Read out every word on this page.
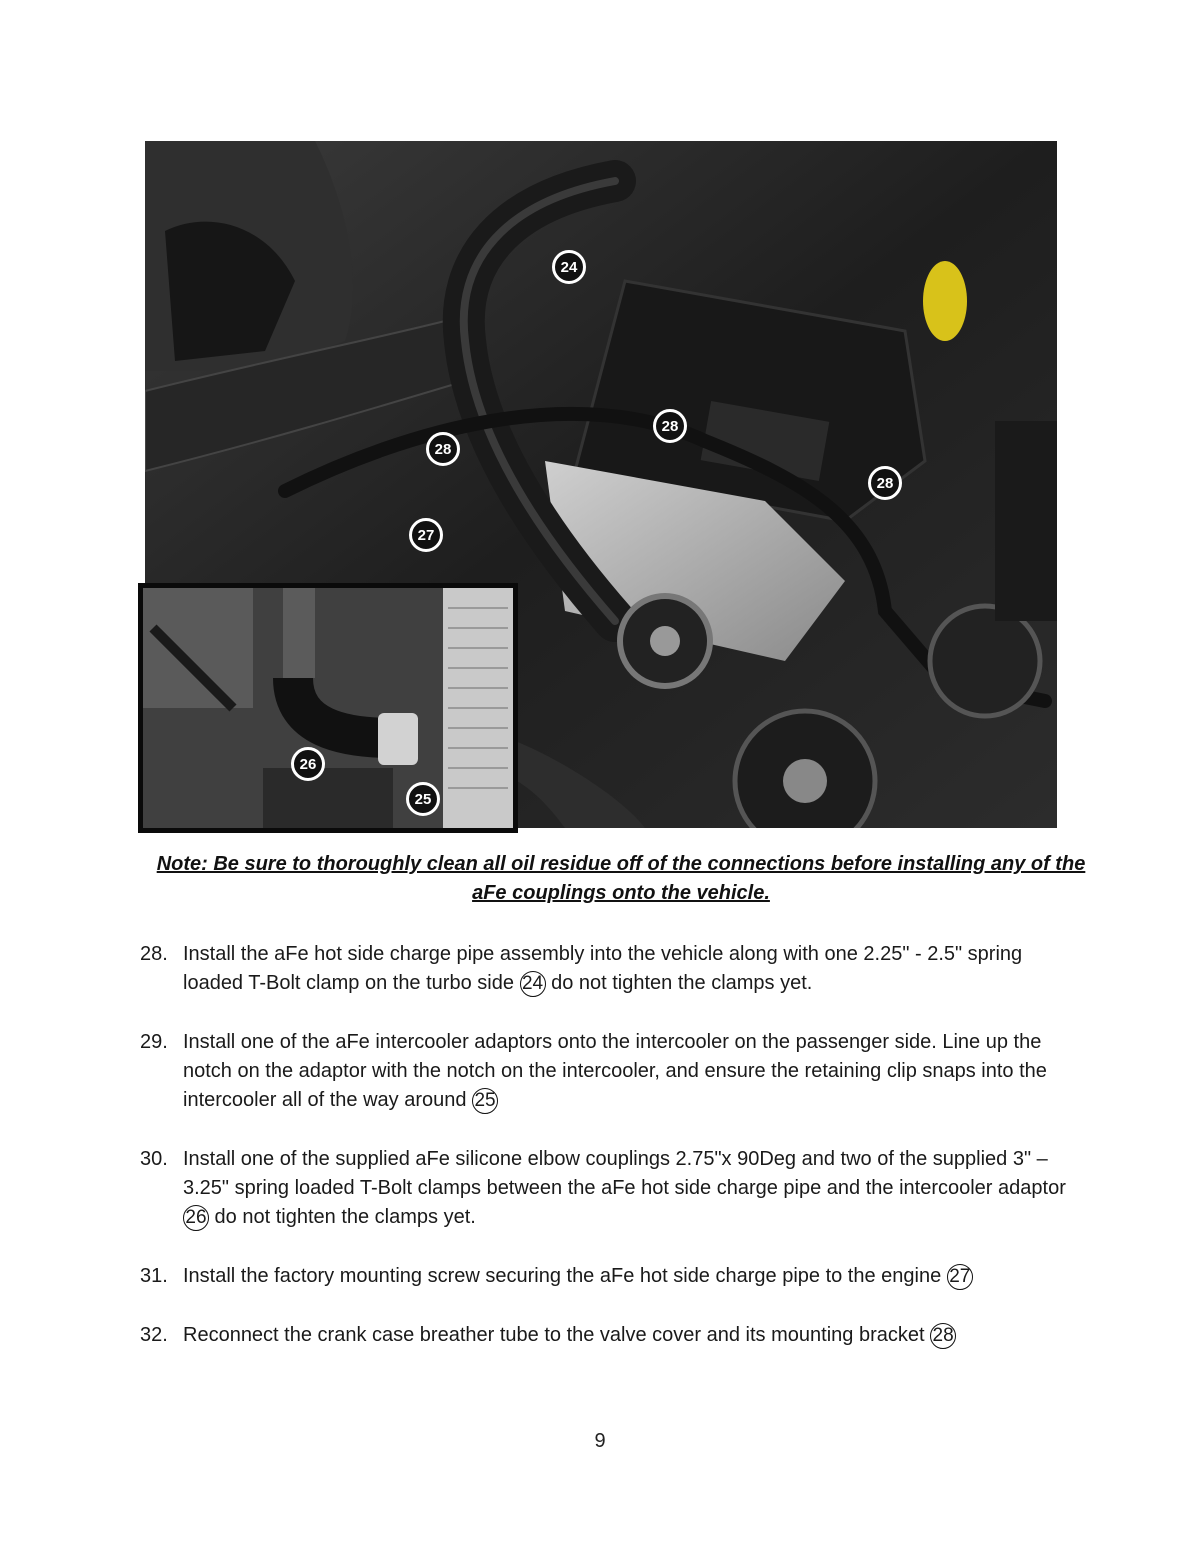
24
28
28
28
27
26
25
Note: Be sure to thoroughly clean all oil residue off of the connections before installing any of the aFe couplings onto the vehicle.
28. Install the aFe hot side charge pipe assembly into the vehicle along with one 2.25" - 2.5" spring loaded T-Bolt clamp on the turbo side 24 do not tighten the clamps yet.
29. Install one of the aFe intercooler adaptors onto the intercooler on the passenger side. Line up the notch on the adaptor with the notch on the intercooler, and ensure the retaining clip snaps into the intercooler all of the way around 25
30. Install one of the supplied aFe silicone elbow couplings 2.75"x 90Deg and two of the supplied 3" – 3.25" spring loaded T-Bolt clamps between the aFe hot side charge pipe and the intercooler adaptor26 do not tighten the clamps yet.
31. Install the factory mounting screw securing the aFe hot side charge pipe to the engine 27
32. Reconnect the crank case breather tube to the valve cover and its mounting bracket 28
9
